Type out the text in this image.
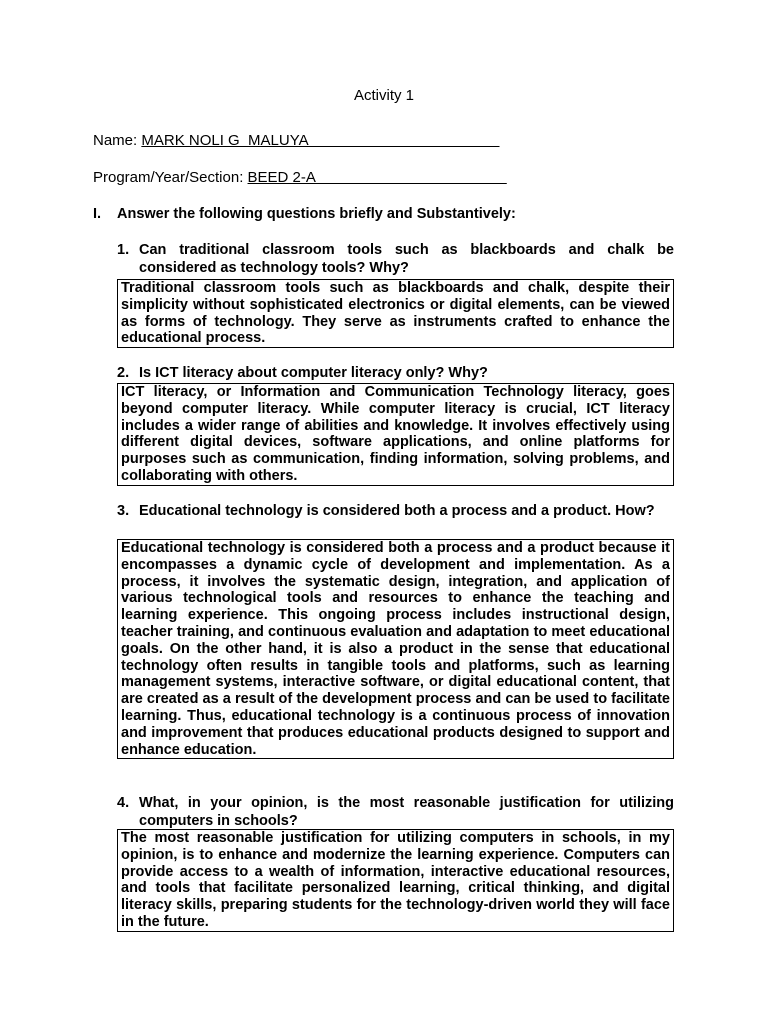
Activity 1
Name: MARK NOLI G  MALUYA
Program/Year/Section: BEED 2-A
I. Answer the following questions briefly and Substantively:
1. Can traditional classroom tools such as blackboards and chalk be considered as technology tools? Why?
Traditional classroom tools such as blackboards and chalk, despite their simplicity without sophisticated electronics or digital elements, can be viewed as forms of technology. They serve as instruments crafted to enhance the educational process.
2. Is ICT literacy about computer literacy only? Why?
ICT literacy, or Information and Communication Technology literacy, goes beyond computer literacy. While computer literacy is crucial, ICT literacy includes a wider range of abilities and knowledge. It involves effectively using different digital devices, software applications, and online platforms for purposes such as communication, finding information, solving problems, and collaborating with others.
3. Educational technology is considered both a process and a product. How?
Educational technology is considered both a process and a product because it encompasses a dynamic cycle of development and implementation. As a process, it involves the systematic design, integration, and application of various technological tools and resources to enhance the teaching and learning experience. This ongoing process includes instructional design, teacher training, and continuous evaluation and adaptation to meet educational goals. On the other hand, it is also a product in the sense that educational technology often results in tangible tools and platforms, such as learning management systems, interactive software, or digital educational content, that are created as a result of the development process and can be used to facilitate learning. Thus, educational technology is a continuous process of innovation and improvement that produces educational products designed to support and enhance education.
4. What, in your opinion, is the most reasonable justification for utilizing computers in schools?
The most reasonable justification for utilizing computers in schools, in my opinion, is to enhance and modernize the learning experience. Computers can provide access to a wealth of information, interactive educational resources, and tools that facilitate personalized learning, critical thinking, and digital literacy skills, preparing students for the technology-driven world they will face in the future.
